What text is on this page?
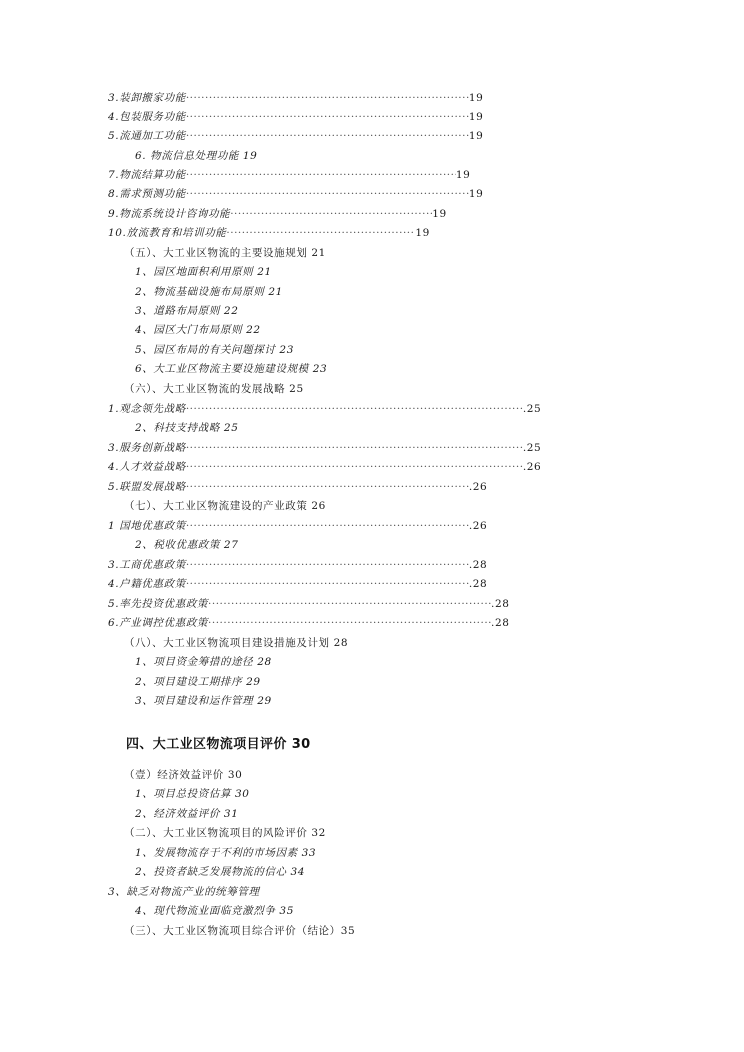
3.装卸搬家功能 ·····	19
4.包装服务功能 ·····	19
5.流通加工功能 ·····	19
6. 物流信息处理功能 19
7.物流结算功能 ·····	19
8.需求预测功能 ·····	19
9.物流系统设计咨询功能 ·····	19
10.放流教育和培训功能 ·····	19
（五）、大工业区物流的主要设施规划 21
1、园区地面积利用原则 21
2、物流基础设施布局原则 21
3、道路布局原则 22
4、园区大门布局原则 22
5、园区布局的有关问题探讨 23
6、大工业区物流主要设施建设规模 23
（六）、大工业区物流的发展战略 25
1.观念领先战略 ·····	.25
2、科技支持战略 25
3.服务创新战略 ·····	.25
4.人才效益战略 ·····	.26
5.联盟发展战略 ·····	.26
（七）、大工业区物流建设的产业政策 26
1 国地优惠政策 ·····	.26
2、税收优惠政策 27
3.工商优惠政策 ·····	.28
4.户籍优惠政策 ·····	.28
5.率先投资优惠政策 ·····	.28
6.产业调控优惠政策 ·····	.28
（八）、大工业区物流项目建设措施及计划 28
1、项目资金筹措的途径 28
2、项目建设工期排序 29
3、项目建设和运作管理 29
四、大工业区物流项目评价 30
（壹）经济效益评价 30
1、项目总投资估算 30
2、经济效益评价 31
（二）、大工业区物流项目的风险评价 32
1、发展物流存于不利的市场因素 33
2、投资者缺乏发展物流的信心 34
3、缺乏对物流产业的统筹管理
4、现代物流业面临竞激烈争 35
（三）、大工业区物流项目综合评价（结论）35
